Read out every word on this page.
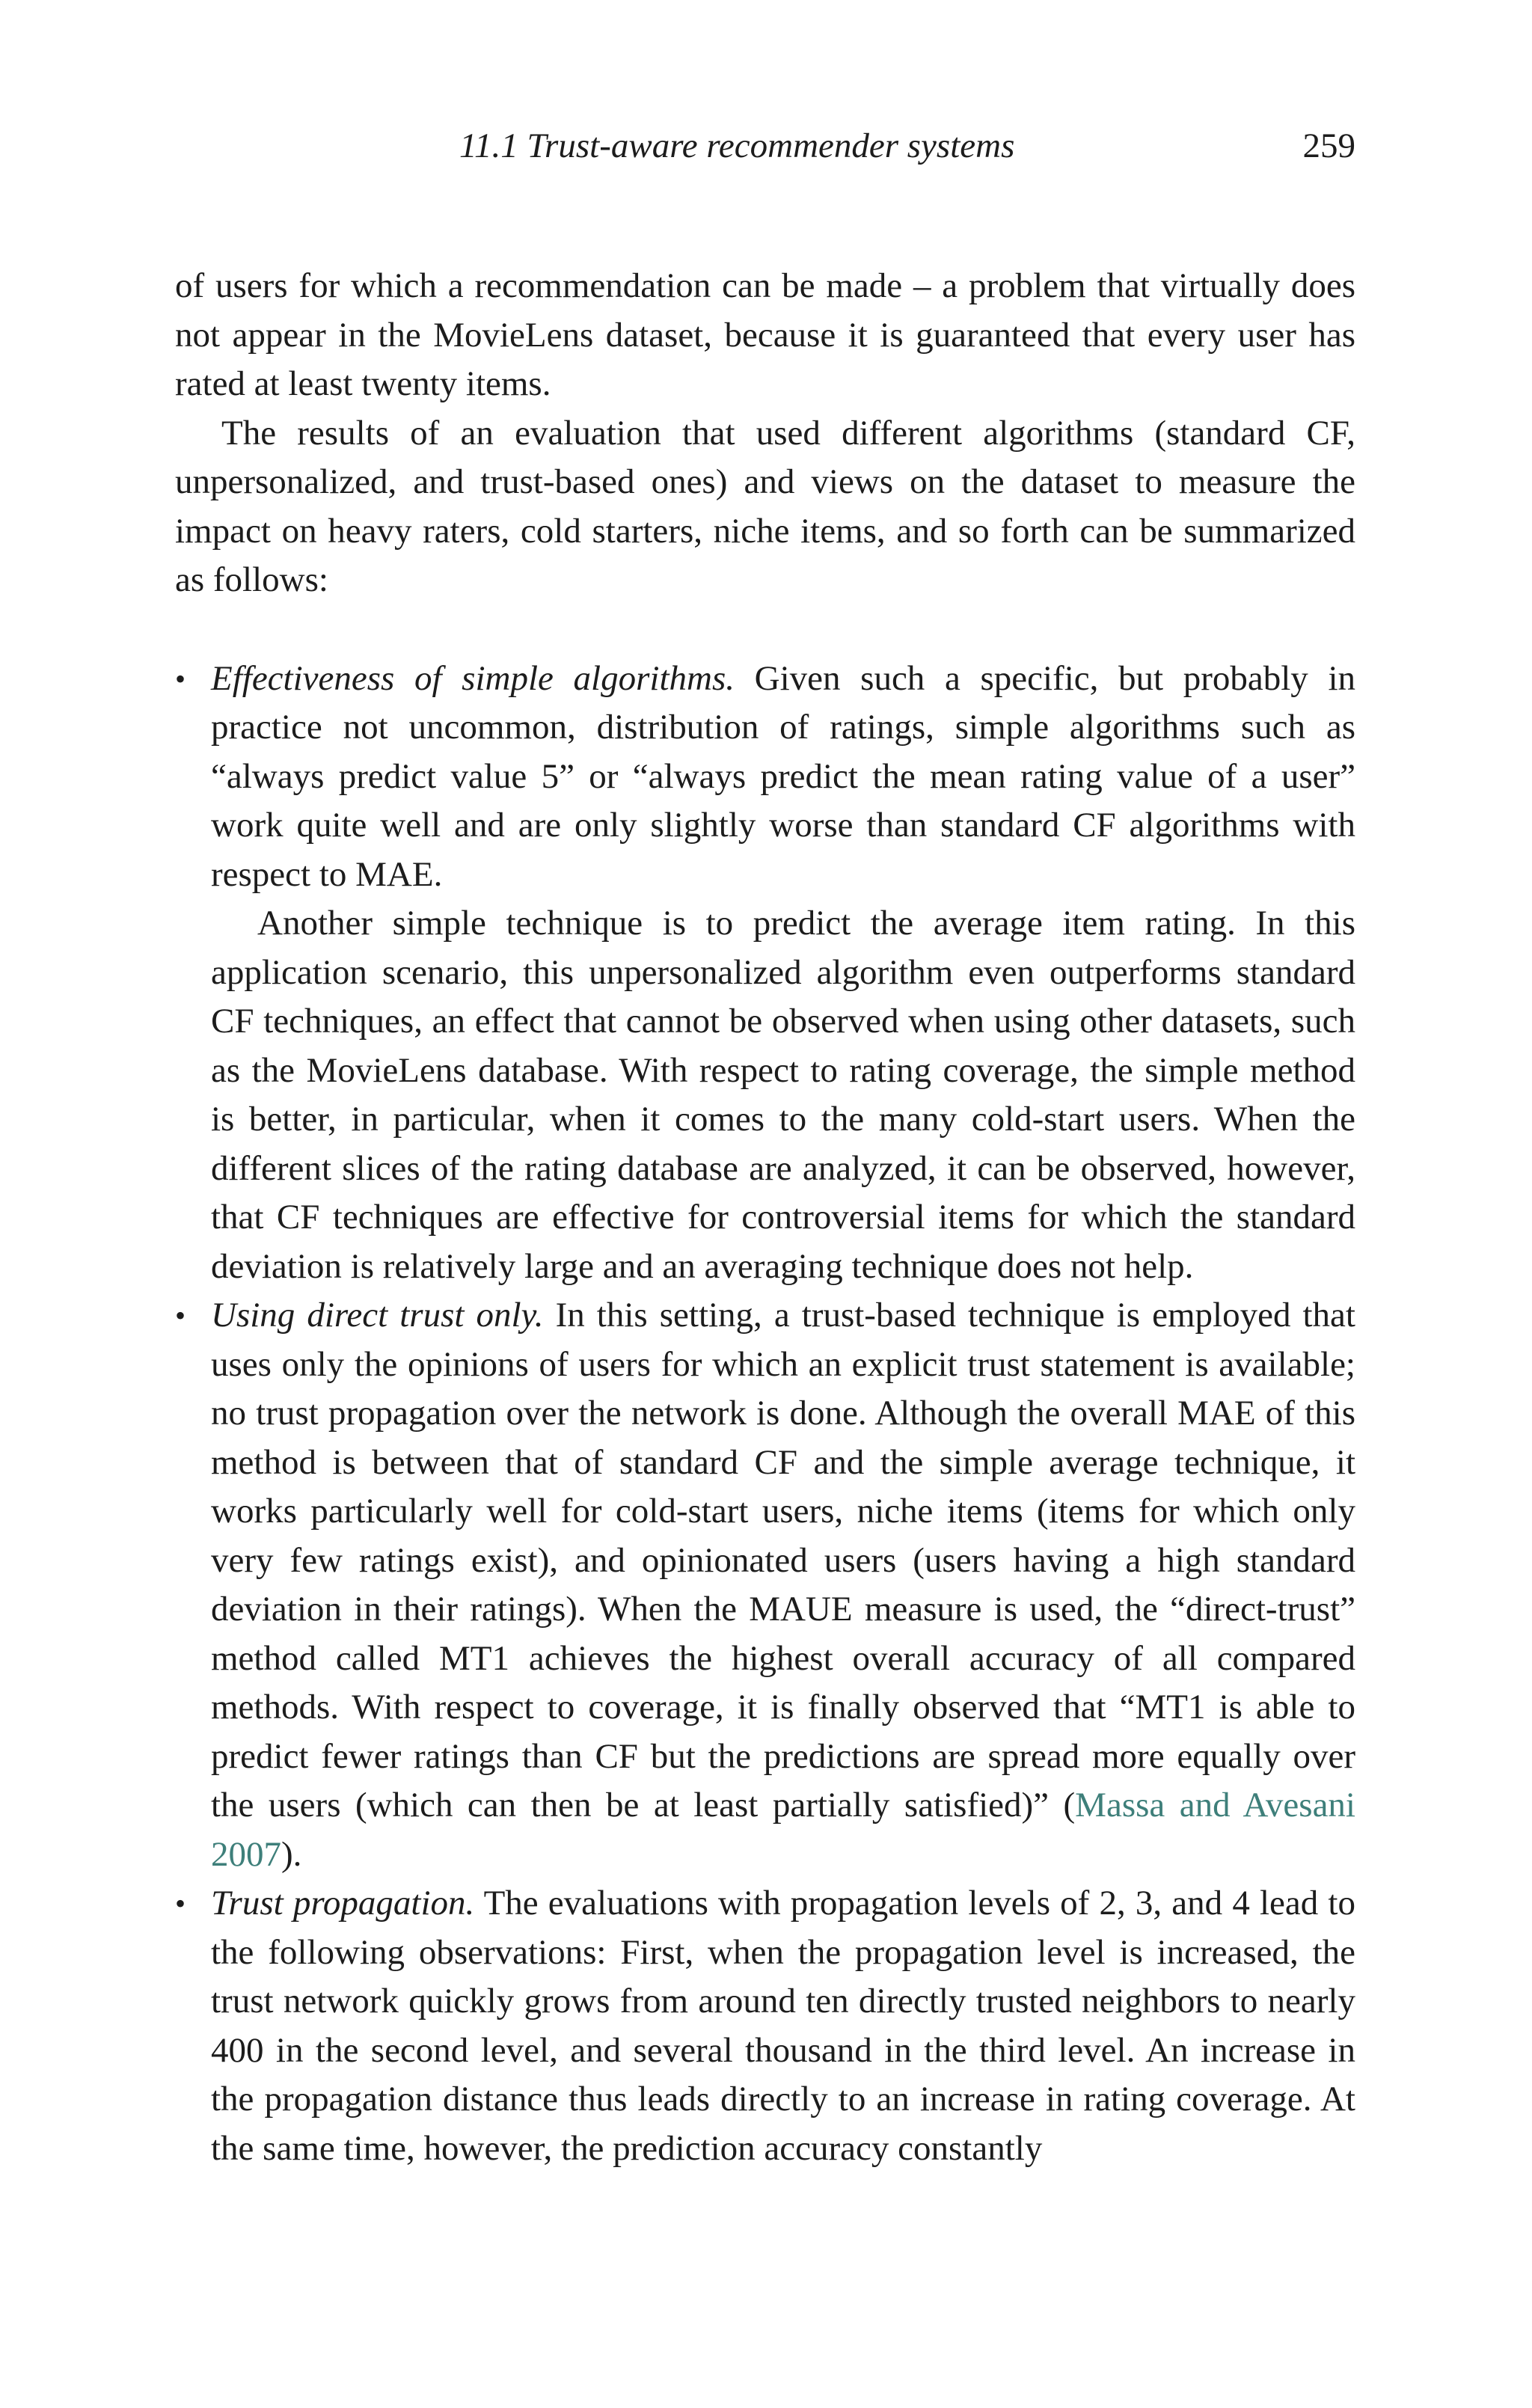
11.1 Trust-aware recommender systems	259

of users for which a recommendation can be made – a problem that virtually does not appear in the MovieLens dataset, because it is guaranteed that every user has rated at least twenty items.

The results of an evaluation that used different algorithms (standard CF, unpersonalized, and trust-based ones) and views on the dataset to measure the impact on heavy raters, cold starters, niche items, and so forth can be summarized as follows:

• Effectiveness of simple algorithms. Given such a specific, but probably in practice not uncommon, distribution of ratings, simple algorithms such as “always predict value 5” or “always predict the mean rating value of a user” work quite well and are only slightly worse than standard CF algorithms with respect to MAE.

Another simple technique is to predict the average item rating. In this application scenario, this unpersonalized algorithm even outperforms standard CF techniques, an effect that cannot be observed when using other datasets, such as the MovieLens database. With respect to rating coverage, the simple method is better, in particular, when it comes to the many cold-start users. When the different slices of the rating database are analyzed, it can be observed, however, that CF techniques are effective for controversial items for which the standard deviation is relatively large and an averaging technique does not help.

• Using direct trust only. In this setting, a trust-based technique is employed that uses only the opinions of users for which an explicit trust statement is available; no trust propagation over the network is done. Although the overall MAE of this method is between that of standard CF and the simple average technique, it works particularly well for cold-start users, niche items (items for which only very few ratings exist), and opinionated users (users having a high standard deviation in their ratings). When the MAUE measure is used, the “direct-trust” method called MT1 achieves the highest overall accuracy of all compared methods. With respect to coverage, it is finally observed that “MT1 is able to predict fewer ratings than CF but the predictions are spread more equally over the users (which can then be at least partially satisfied)” (Massa and Avesani 2007).

• Trust propagation. The evaluations with propagation levels of 2, 3, and 4 lead to the following observations: First, when the propagation level is increased, the trust network quickly grows from around ten directly trusted neighbors to nearly 400 in the second level, and several thousand in the third level. An increase in the propagation distance thus leads directly to an increase in rating coverage. At the same time, however, the prediction accuracy constantly
